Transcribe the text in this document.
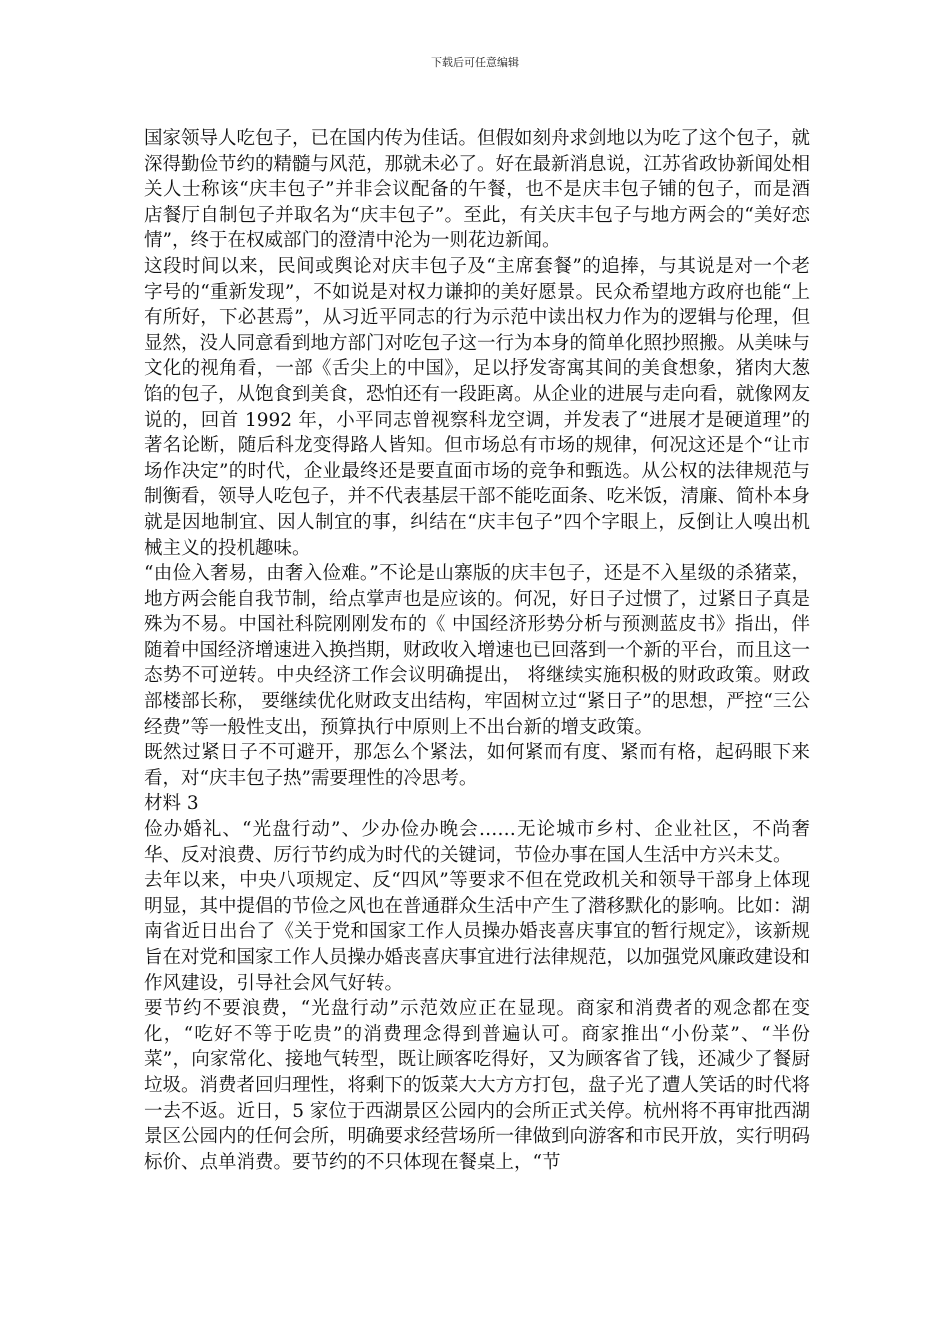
下载后可任意编辑

国家领导人吃包子，已在国内传为佳话。但假如刻舟求剑地以为吃了这个包子，就深得勤俭节约的精髓与风范，那就未必了。好在最新消息说，江苏省政协新闻处相关人士称该“庆丰包子”并非会议配备的午餐，也不是庆丰包子铺的包子，而是酒店餐厅自制包子并取名为“庆丰包子”。至此，有关庆丰包子与地方两会的“美好恋情”，终于在权威部门的澄清中沦为一则花边新闻。

这段时间以来，民间或舆论对庆丰包子及“主席套餐”的追捧，与其说是对一个老字号的“重新发现”，不如说是对权力谦抑的美好愿景。民众希望地方政府也能“上有所好，下必甚焉”，从习近平同志的行为示范中读出权力作为的逻辑与伦理，但显然，没人同意看到地方部门对吃包子这一行为本身的简单化照抄照搬。从美味与文化的视角看，一部《舌尖上的中国》，足以抒发寄寓其间的美食想象，猪肉大葱馅的包子，从饱食到美食，恐怕还有一段距离。从企业的进展与走向看，就像网友说的，回首 1992 年，小平同志曾视察科龙空调，并发表了“进展才是硬道理”的著名论断，随后科龙变得路人皆知。但市场总有市场的规律，何况这还是个“让市场作决定”的时代，企业最终还是要直面市场的竞争和甄选。从公权的法律规范与制衡看，领导人吃包子，并不代表基层干部不能吃面条、吃米饭，清廉、简朴本身就是因地制宜、因人制宜的事，纠结在“庆丰包子”四个字眼上，反倒让人嗅出机械主义的投机趣味。

“由俭入奢易，由奢入俭难。”不论是山寨版的庆丰包子，还是不入星级的杀猪菜，地方两会能自我节制，给点掌声也是应该的。何况，好日子过惯了，过紧日子真是殊为不易。中国社科院刚刚发布的《 中国经济形势分析与预测蓝皮书》指出，伴随着中国经济增速进入换挡期，财政收入增速也已回落到一个新的平台，而且这一态势不可逆转。中央经济工作会议明确提出， 将继续实施积极的财政政策。财政部楼部长称， 要继续优化财政支出结构，牢固树立过“紧日子”的思想，严控“三公经费”等一般性支出，预算执行中原则上不出台新的增支政策。

既然过紧日子不可避开，那怎么个紧法，如何紧而有度、紧而有格，起码眼下来看，对“庆丰包子热”需要理性的冷思考。

材料 3

俭办婚礼、“光盘行动”、少办俭办晚会……无论城市乡村、企业社区，不尚奢华、反对浪费、厉行节约成为时代的关键词，节俭办事在国人生活中方兴未艾。

去年以来，中央八项规定、反“四风”等要求不但在党政机关和领导干部身上体现明显，其中提倡的节俭之风也在普通群众生活中产生了潜移默化的影响。比如：湖南省近日出台了《关于党和国家工作人员操办婚丧喜庆事宜的暂行规定》，该新规旨在对党和国家工作人员操办婚丧喜庆事宜进行法律规范，以加强党风廉政建设和作风建设，引导社会风气好转。

要节约不要浪费，“光盘行动”示范效应正在显现。商家和消费者的观念都在变化，“吃好不等于吃贵”的消费理念得到普遍认可。商家推出“小份菜”、“半份菜”，向家常化、接地气转型，既让顾客吃得好，又为顾客省了钱，还减少了餐厨垃圾。消费者回归理性，将剩下的饭菜大大方方打包，盘子光了遭人笑话的时代将一去不返。近日，5 家位于西湖景区公园内的会所正式关停。杭州将不再审批西湖景区公园内的任何会所，明确要求经营场所一律做到向游客和市民开放，实行明码标价、点单消费。要节约的不只体现在餐桌上，“节
